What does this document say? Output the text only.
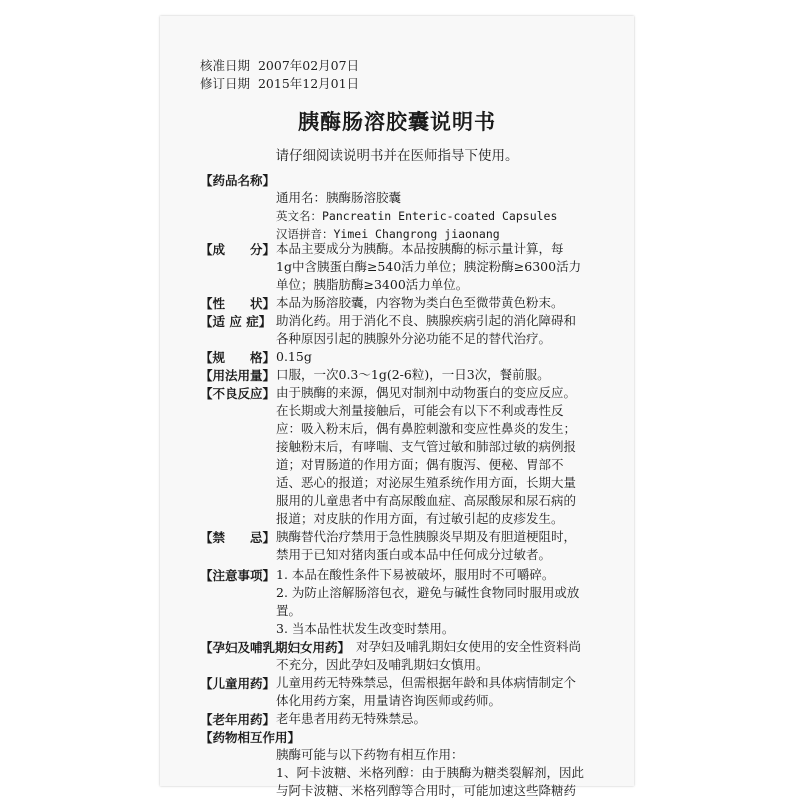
核准日期 2007年02月07日
修订日期 2015年12月01日
胰酶肠溶胶囊说明书
请仔细阅读说明书并在医师指导下使用。
【药品名称】
通用名：胰酶肠溶胶囊
英文名：Pancreatin Enteric-coated Capsules
汉语拼音：Yimei Changrong jiaonang
【成　　分】 本品主要成分为胰酶。本品按胰酶的标示量计算，每
1g中含胰蛋白酶≥540活力单位；胰淀粉酶≥6300活力
单位；胰脂肪酶≥3400活力单位。
【性　　状】 本品为肠溶胶囊，内容物为类白色至微带黄色粉末。
【适 应 症】 助消化药。用于消化不良、胰腺疾病引起的消化障碍和
各种原因引起的胰腺外分泌功能不足的替代治疗。
【规　　格】 0.15g
【用法用量】 口服，一次0.3～1g(2-6粒)，一日3次，餐前服。
【不良反应】 由于胰酶的来源，偶见对制剂中动物蛋白的变应反应。
在长期或大剂量接触后，可能会有以下不利或毒性反
应：吸入粉末后，偶有鼻腔刺激和变应性鼻炎的发生；
接触粉末后，有哮喘、支气管过敏和肺部过敏的病例报
道；对胃肠道的作用方面；偶有腹泻、便秘、胃部不
适、恶心的报道；对泌尿生殖系统作用方面，长期大量
服用的儿童患者中有高尿酸血症、高尿酸尿和尿石病的
报道；对皮肤的作用方面，有过敏引起的皮疹发生。
【禁　　忌】 胰酶替代治疗禁用于急性胰腺炎早期及有胆道梗阻时，
禁用于已知对猪肉蛋白或本品中任何成分过敏者。
【注意事项】 1. 本品在酸性条件下易被破坏，服用时不可嚼碎。
2. 为防止溶解肠溶包衣，避免与碱性食物同时服用或放
置。
3. 当本品性状发生改变时禁用。
【孕妇及哺乳期妇女用药】 对孕妇及哺乳期妇女使用的安全性资料尚
不充分，因此孕妇及哺乳期妇女慎用。
【儿童用药】 儿童用药无特殊禁忌，但需根据年龄和具体病情制定个
体化用药方案，用量请咨询医师或药师。
【老年用药】 老年患者用药无特殊禁忌。
【药物相互作用】
胰酶可能与以下药物有相互作用：
1、阿卡波糖、米格列醇：由于胰酶为糖类裂解剂，因此
与阿卡波糖、米格列醇等合用时，可能加速这些降糖药
